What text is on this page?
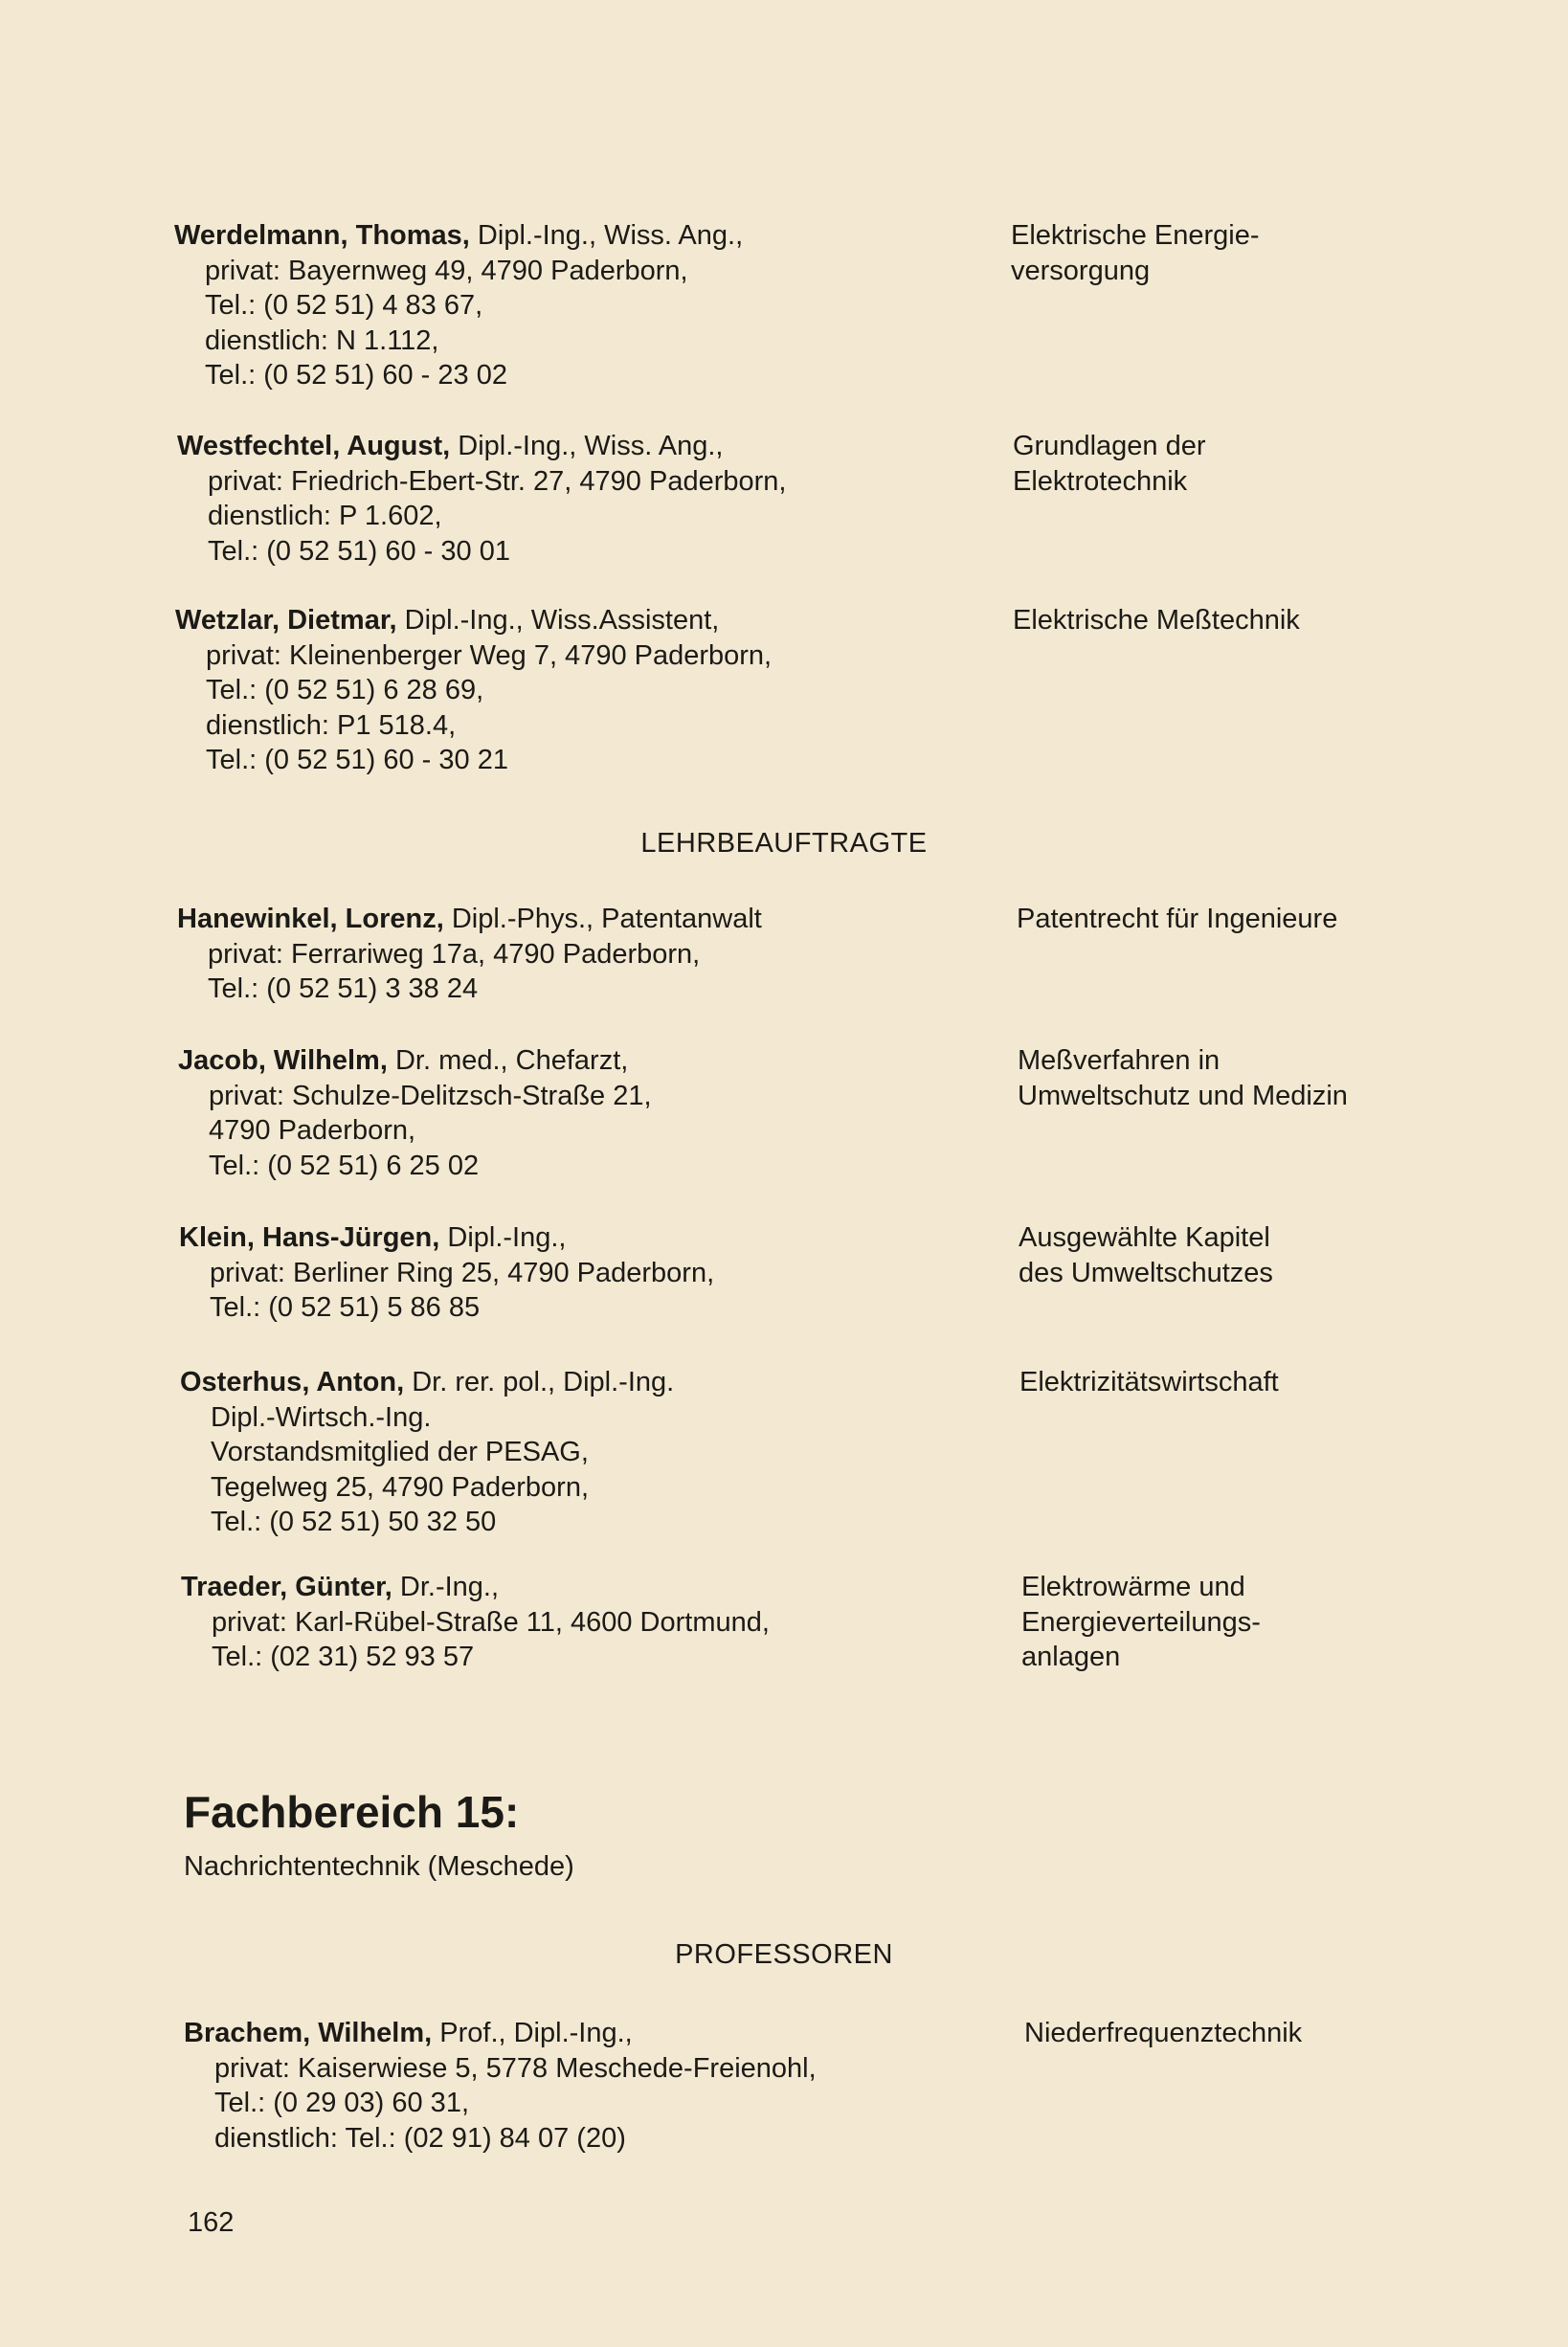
Werdelmann, Thomas, Dipl.-Ing., Wiss. Ang.,
privat: Bayernweg 49, 4790 Paderborn,
Tel.: (0 52 51) 4 83 67,
dienstlich: N 1.112,
Tel.: (0 52 51) 60 - 23 02
Elektrische Energie-
versorgung
Westfechtel, August, Dipl.-Ing., Wiss. Ang.,
privat: Friedrich-Ebert-Str. 27, 4790 Paderborn,
dienstlich: P 1.602,
Tel.: (0 52 51) 60 - 30 01
Grundlagen der
Elektrotechnik
Wetzlar, Dietmar, Dipl.-Ing., Wiss.Assistent,
privat: Kleinenberger Weg 7, 4790 Paderborn,
Tel.: (0 52 51) 6 28 69,
dienstlich: P1 518.4,
Tel.: (0 52 51) 60 - 30 21
Elektrische Meßtechnik
LEHRBEAUFTRAGTE
Hanewinkel, Lorenz, Dipl.-Phys., Patentanwalt
privat: Ferrariweg 17a, 4790 Paderborn,
Tel.: (0 52 51) 3 38 24
Patentrecht für Ingenieure
Jacob, Wilhelm, Dr. med., Chefarzt,
privat: Schulze-Delitzsch-Straße 21,
4790 Paderborn,
Tel.: (0 52 51) 6 25 02
Meßverfahren in
Umweltschutz und Medizin
Klein, Hans-Jürgen, Dipl.-Ing.,
privat: Berliner Ring 25, 4790 Paderborn,
Tel.: (0 52 51) 5 86 85
Ausgewählte Kapitel
des Umweltschutzes
Osterhus, Anton, Dr. rer. pol., Dipl.-Ing.
Dipl.-Wirtsch.-Ing.
Vorstandsmitglied der PESAG,
Tegelweg 25, 4790 Paderborn,
Tel.: (0 52 51) 50 32 50
Elektrizitätswirtschaft
Traeder, Günter, Dr.-Ing.,
privat: Karl-Rübel-Straße 11, 4600 Dortmund,
Tel.: (02 31) 52 93 57
Elektrowärme und
Energieverteilungs-
anlagen
Fachbereich 15:
Nachrichtentechnik (Meschede)
PROFESSOREN
Brachem, Wilhelm, Prof., Dipl.-Ing.,
privat: Kaiserwiese 5, 5778 Meschede-Freienohl,
Tel.: (0 29 03) 60 31,
dienstlich: Tel.: (02 91) 84 07 (20)
Niederfrequenztechnik
162
